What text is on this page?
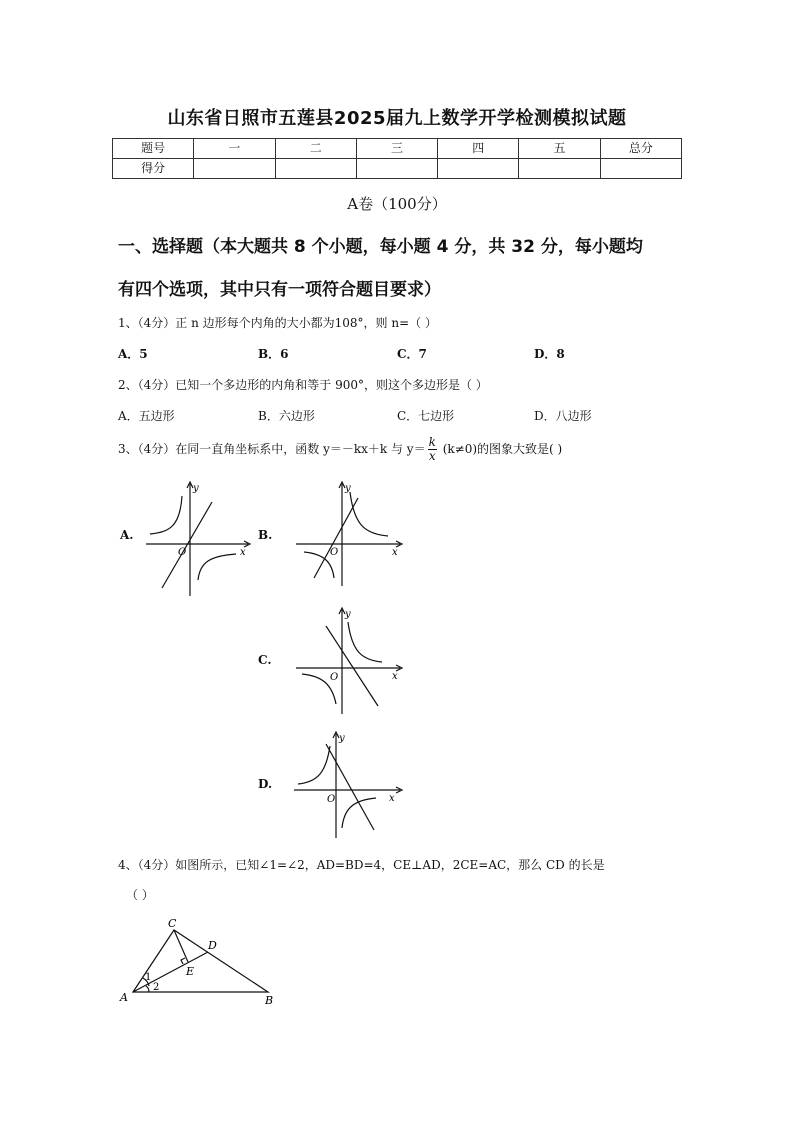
山东省日照市五莲县2025届九上数学开学检测模拟试题
题号	一	二	三	四	五	总分
得分						
A卷（100分）
一、选择题（本大题共 8 个小题，每小题 4 分，共 32 分，每小题均
有四个选项，其中只有一项符合题目要求）
1、（4分）正 n 边形每个内角的大小都为108°，则 n=（ ）
A．5	B．6	C．7	D．8
2、（4分）已知一个多边形的内角和等于 900°，则这个多边形是（ ）
A．五边形	B．六边形	C．七边形	D．八边形
3、（4分）在同一直角坐标系中，函数 y＝－kx＋k 与 $y= \frac{k}{x} (k\ne 0)$的图象大致是( )
A.	B.
C.
D.
y
x
O
y
x
O
y
x
O
y
x
O
4、（4分）如图所示，已知∠1=∠2，AD=BD=4，CE⊥AD，2CE=AC，那么 CD 的长是
（ ）
C
D
E
A	B
1
2
